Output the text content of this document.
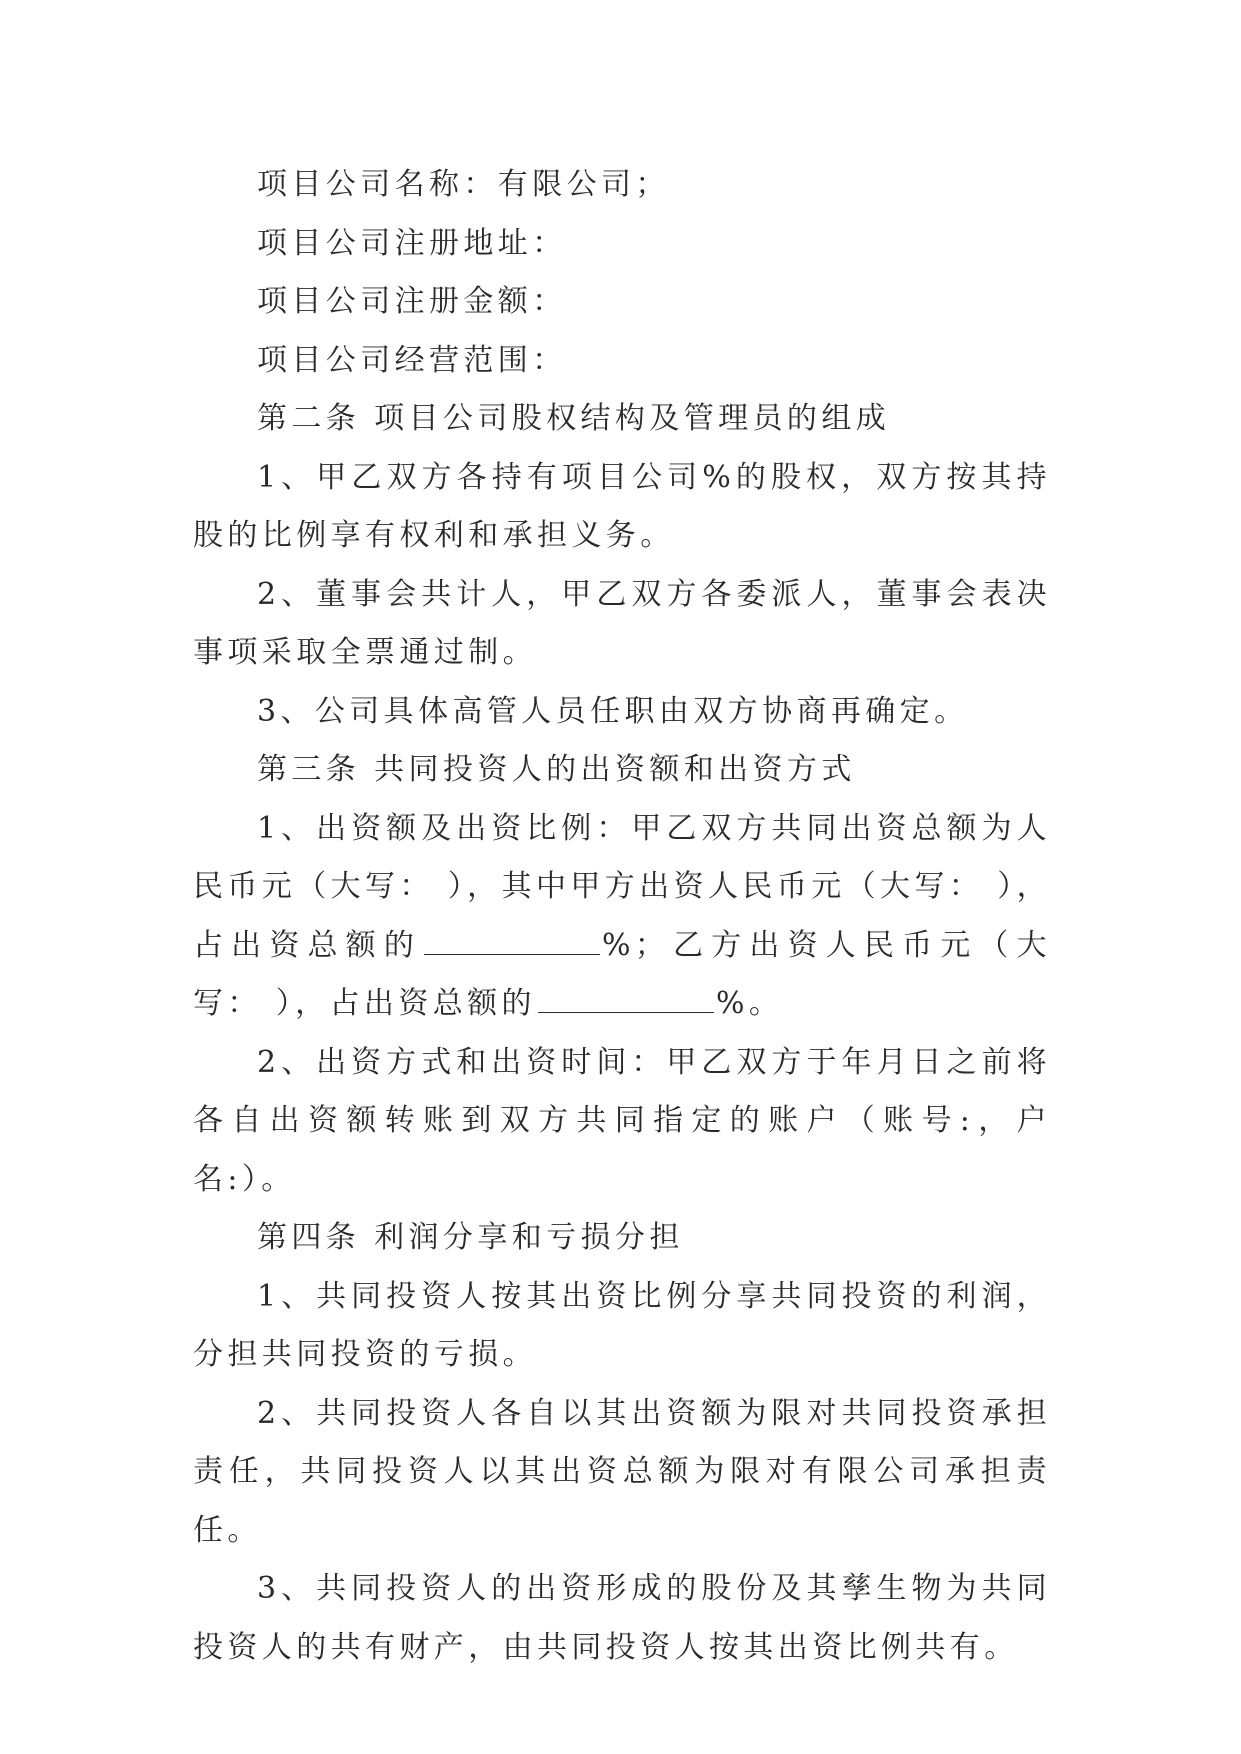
项目公司名称：有限公司；

项目公司注册地址：

项目公司注册金额：

项目公司经营范围：

第二条 项目公司股权结构及管理员的组成

1、甲乙双方各持有项目公司%的股权，双方按其持股的比例享有权利和承担义务。

2、董事会共计人，甲乙双方各委派人，董事会表决事项采取全票通过制。

3、公司具体高管人员任职由双方协商再确定。

第三条 共同投资人的出资额和出资方式

1、出资额及出资比例：甲乙双方共同出资总额为人民币元（大写： ），其中甲方出资人民币元（大写： ），占出资总额的	%；乙方出资人民币元（大写： ），占出资总额的	%。

2、出资方式和出资时间：甲乙双方于年月日之前将各自出资额转账到双方共同指定的账户（账号:，户名:）。

第四条 利润分享和亏损分担

1、共同投资人按其出资比例分享共同投资的利润，分担共同投资的亏损。

2、共同投资人各自以其出资额为限对共同投资承担责任，共同投资人以其出资总额为限对有限公司承担责任。

3、共同投资人的出资形成的股份及其孳生物为共同投资人的共有财产，由共同投资人按其出资比例共有。
